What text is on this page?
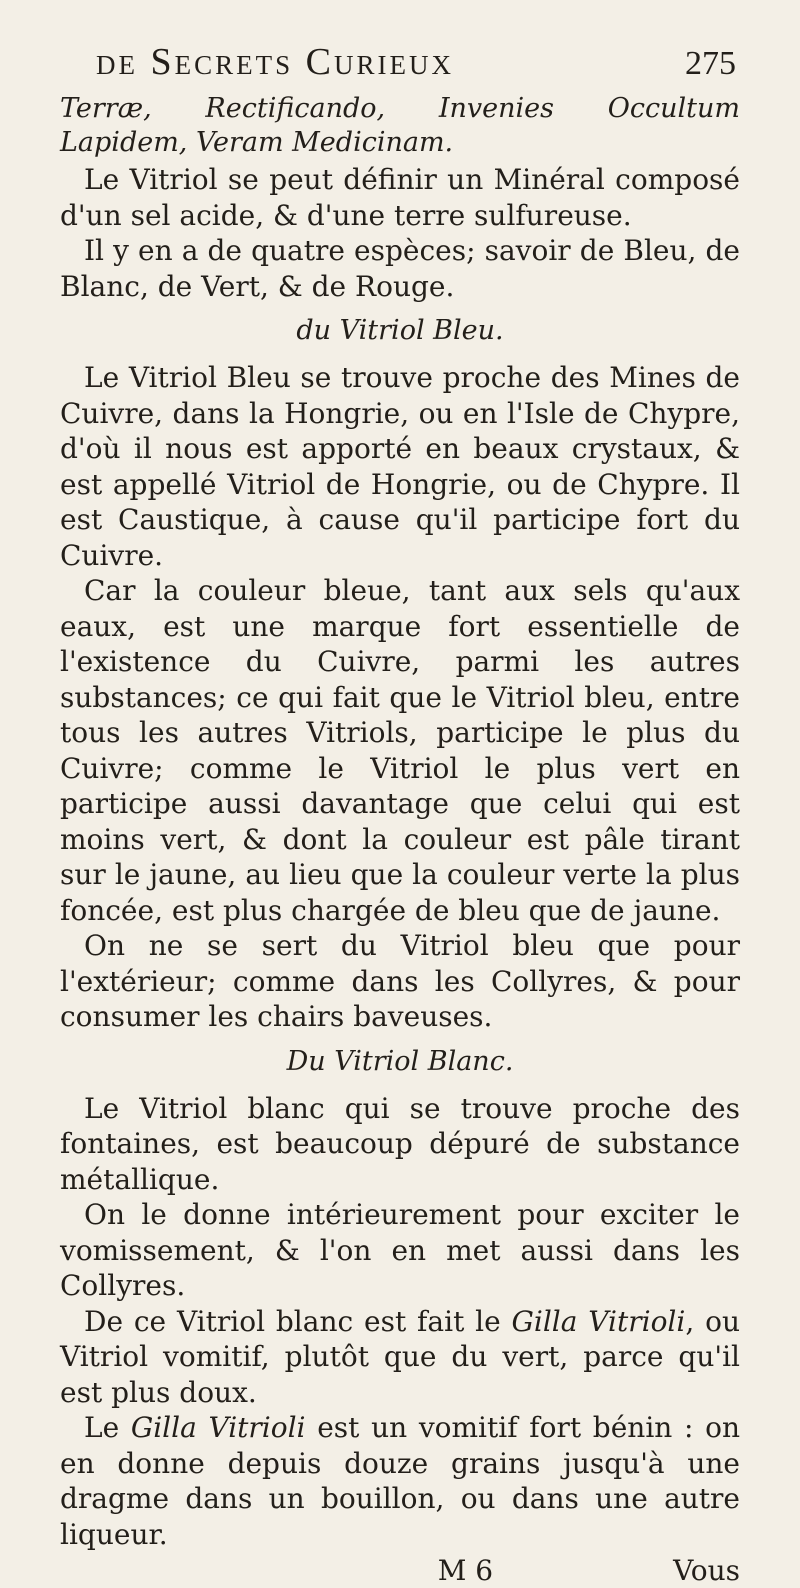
de Secrets Curieux	275

Terræ, Rectificando, Invenies Occultum Lapidem, Veram Medicinam.

Le Vitriol se peut définir un Minéral composé d'un sel acide, & d'une terre sulfureuse.

Il y en a de quatre espèces; savoir de Bleu, de Blanc, de Vert, & de Rouge.

du Vitriol Bleu.

Le Vitriol Bleu se trouve proche des Mines de Cuivre, dans la Hongrie, ou en l'Isle de Chypre, d'où il nous est apporté en beaux crystaux, & est appellé Vitriol de Hongrie, ou de Chypre. Il est Caustique, à cause qu'il participe fort du Cuivre.

Car la couleur bleue, tant aux sels qu'aux eaux, est une marque fort essentielle de l'existence du Cuivre, parmi les autres substances; ce qui fait que le Vitriol bleu, entre tous les autres Vitriols, participe le plus du Cuivre; comme le Vitriol le plus vert en participe aussi davantage que celui qui est moins vert, & dont la couleur est pâle tirant sur le jaune, au lieu que la couleur verte la plus foncée, est plus chargée de bleu que de jaune.

On ne se sert du Vitriol bleu que pour l'extérieur; comme dans les Collyres, & pour consumer les chairs baveuses.

Du Vitriol Blanc.

Le Vitriol blanc qui se trouve proche des fontaines, est beaucoup dépuré de substance métallique.

On le donne intérieurement pour exciter le vomissement, & l'on en met aussi dans les Collyres.

De ce Vitriol blanc est fait le Gilla Vitrioli, ou Vitriol vomitif, plutôt que du vert, parce qu'il est plus doux.

Le Gilla Vitrioli est un vomitif fort bénin : on en donne depuis douze grains jusqu'à une dragme dans un bouillon, ou dans une autre liqueur.

M 6	Vous
